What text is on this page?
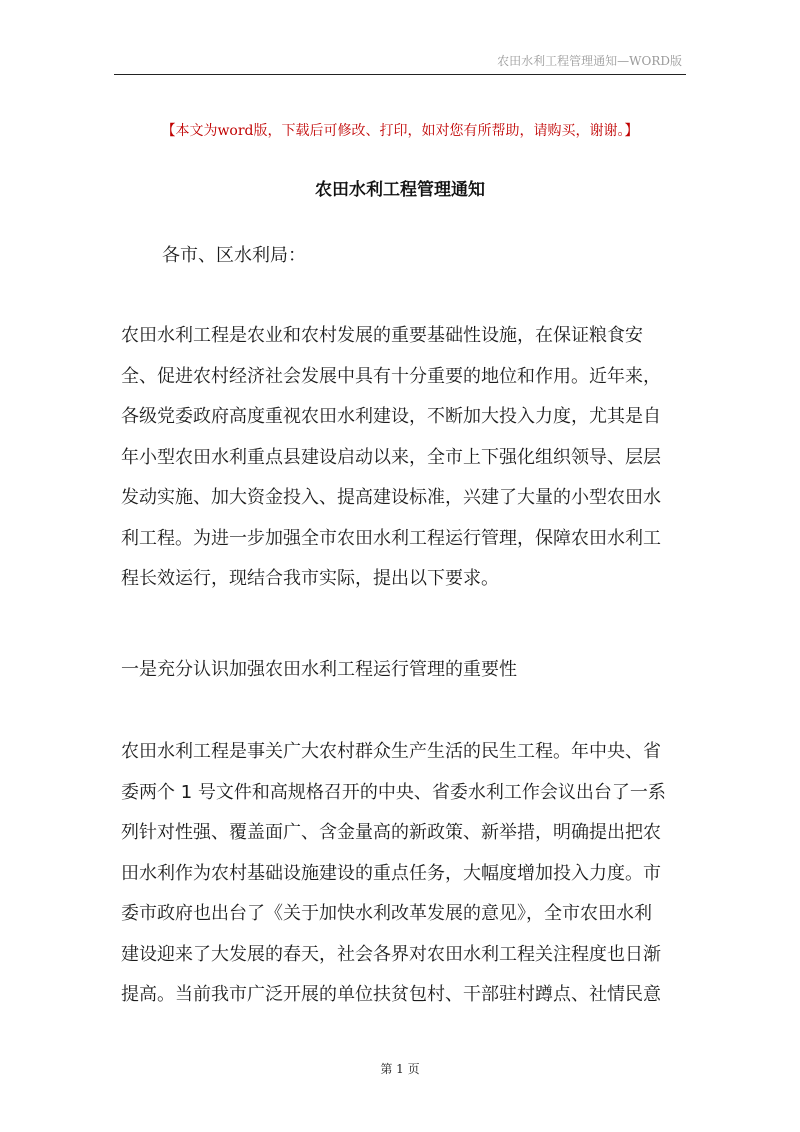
农田水利工程管理通知—WORD版
【本文为word版，下载后可修改、打印，如对您有所帮助，请购买，谢谢。】
农田水利工程管理通知

各市、区水利局：

农田水利工程是农业和农村发展的重要基础性设施，在保证粮食安
全、促进农村经济社会发展中具有十分重要的地位和作用。近年来，
各级党委政府高度重视农田水利建设，不断加大投入力度，尤其是自
年小型农田水利重点县建设启动以来，全市上下强化组织领导、层层
发动实施、加大资金投入、提高建设标准，兴建了大量的小型农田水
利工程。为进一步加强全市农田水利工程运行管理，保障农田水利工
程长效运行，现结合我市实际，提出以下要求。

一是充分认识加强农田水利工程运行管理的重要性

农田水利工程是事关广大农村群众生产生活的民生工程。年中央、省
委两个 1 号文件和高规格召开的中央、省委水利工作会议出台了一系
列针对性强、覆盖面广、含金量高的新政策、新举措，明确提出把农
田水利作为农村基础设施建设的重点任务，大幅度增加投入力度。市
委市政府也出台了《关于加快水利改革发展的意见》，全市农田水利
建设迎来了大发展的春天，社会各界对农田水利工程关注程度也日渐
提高。当前我市广泛开展的单位扶贫包村、干部驻村蹲点、社情民意

第 1 页
